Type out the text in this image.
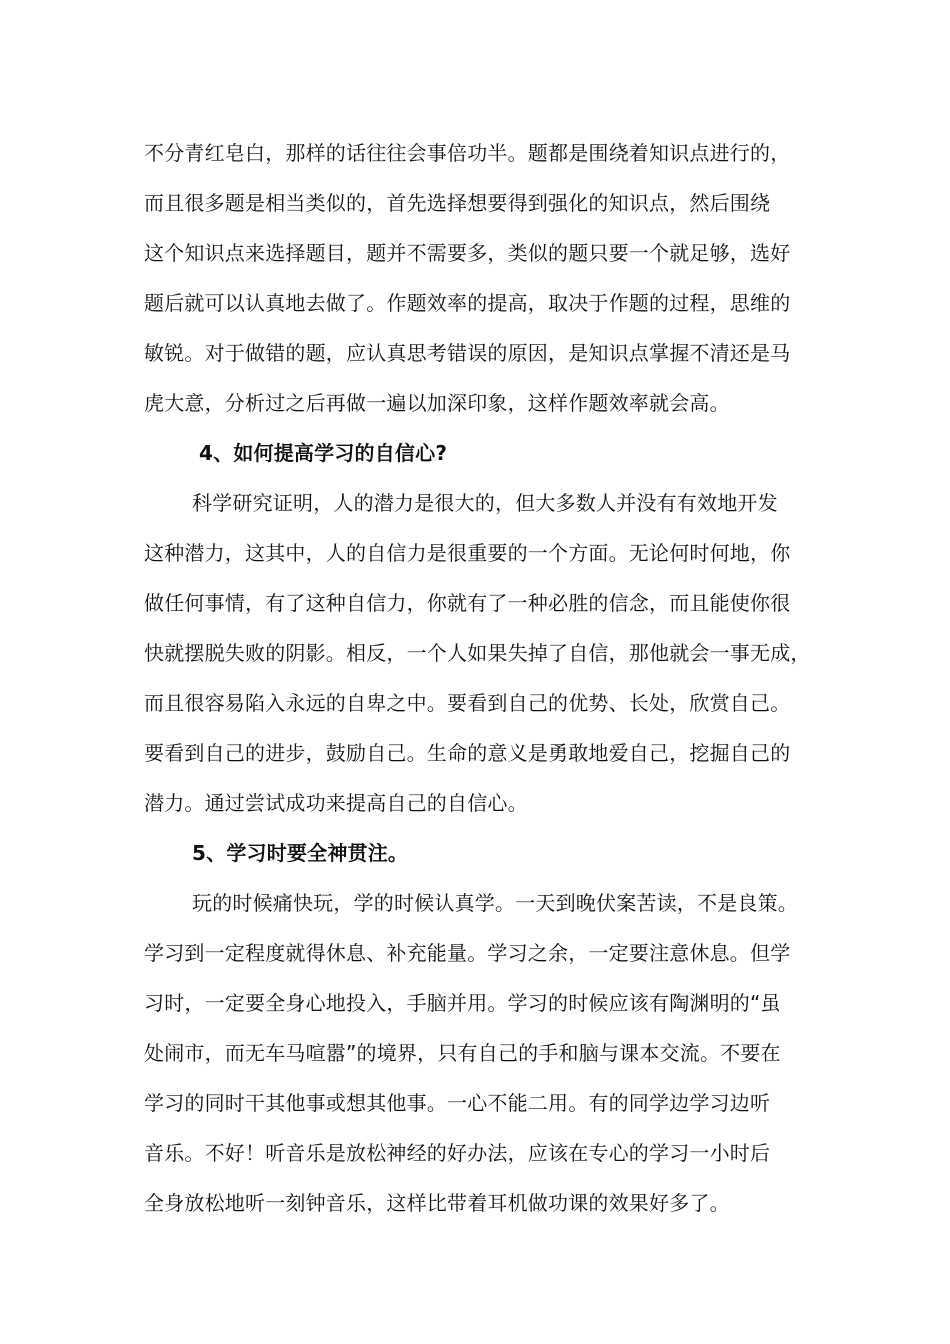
不分青红皂白，那样的话往往会事倍功半。题都是围绕着知识点进行的，
而且很多题是相当类似的，首先选择想要得到强化的知识点，然后围绕
这个知识点来选择题目，题并不需要多，类似的题只要一个就足够，选好
题后就可以认真地去做了。作题效率的提高，取决于作题的过程，思维的
敏锐。对于做错的题，应认真思考错误的原因，是知识点掌握不清还是马
虎大意，分析过之后再做一遍以加深印象，这样作题效率就会高。
4、如何提高学习的自信心?
科学研究证明，人的潜力是很大的，但大多数人并没有有效地开发
这种潜力，这其中，人的自信力是很重要的一个方面。无论何时何地，你
做任何事情，有了这种自信力，你就有了一种必胜的信念，而且能使你很
快就摆脱失败的阴影。相反，一个人如果失掉了自信，那他就会一事无成，
而且很容易陷入永远的自卑之中。要看到自己的优势、长处，欣赏自己。
要看到自己的进步，鼓励自己。生命的意义是勇敢地爱自己，挖掘自己的
潜力。通过尝试成功来提高自己的自信心。
5、学习时要全神贯注。
玩的时候痛快玩，学的时候认真学。一天到晚伏案苦读，不是良策。
学习到一定程度就得休息、补充能量。学习之余，一定要注意休息。但学
习时，一定要全身心地投入，手脑并用。学习的时候应该有陶渊明的“虽
处闹市，而无车马喧嚣”的境界，只有自己的手和脑与课本交流。不要在
学习的同时干其他事或想其他事。一心不能二用。有的同学边学习边听
音乐。不好！听音乐是放松神经的好办法，应该在专心的学习一小时后
全身放松地听一刻钟音乐，这样比带着耳机做功课的效果好多了。
